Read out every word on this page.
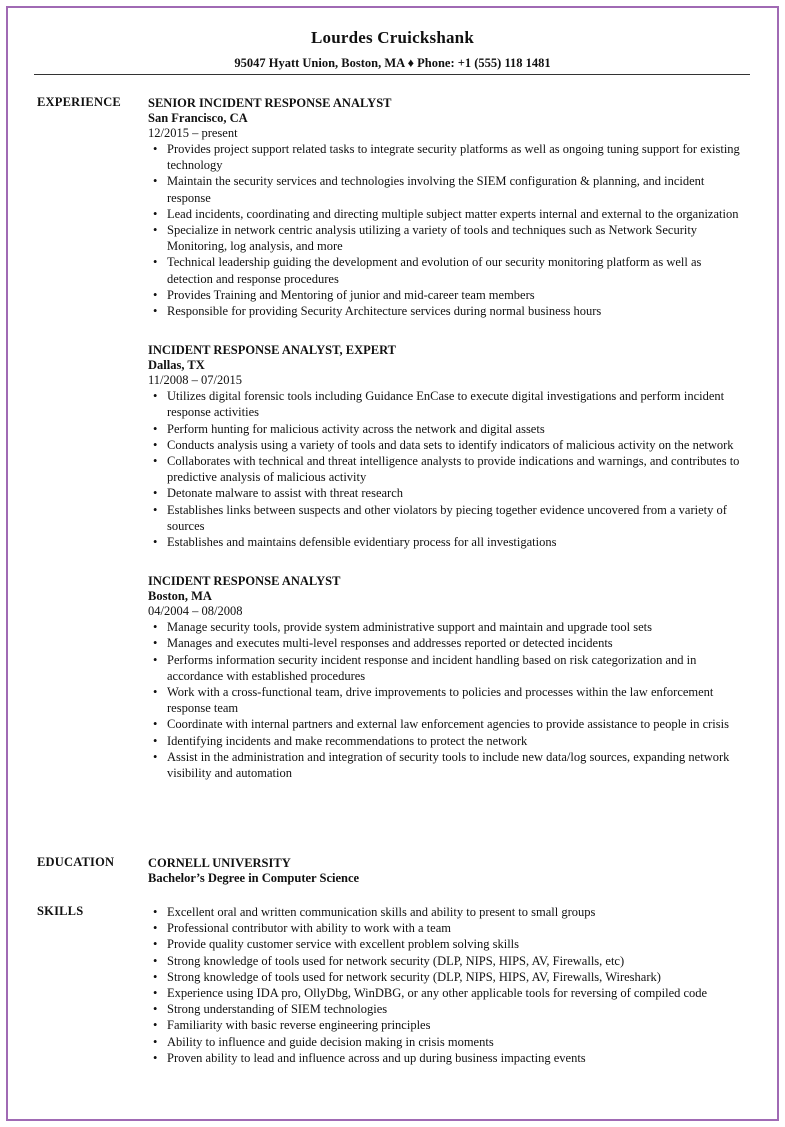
Lourdes Cruickshank
95047 Hyatt Union, Boston, MA ♦ Phone: +1 (555) 118 1481
EXPERIENCE SENIOR INCIDENT RESPONSE ANALYST
San Francisco, CA
12/2015 – present
• Provides project support related tasks to integrate security platforms as well as ongoing tuning support for existing technology
• Maintain the security services and technologies involving the SIEM configuration & planning, and incident response
• Lead incidents, coordinating and directing multiple subject matter experts internal and external to the organization
• Specialize in network centric analysis utilizing a variety of tools and techniques such as Network Security Monitoring, log analysis, and more
• Technical leadership guiding the development and evolution of our security monitoring platform as well as detection and response procedures
• Provides Training and Mentoring of junior and mid-career team members
• Responsible for providing Security Architecture services during normal business hours
INCIDENT RESPONSE ANALYST, EXPERT
Dallas, TX
11/2008 – 07/2015
• Utilizes digital forensic tools including Guidance EnCase to execute digital investigations and perform incident response activities
• Perform hunting for malicious activity across the network and digital assets
• Conducts analysis using a variety of tools and data sets to identify indicators of malicious activity on the network
• Collaborates with technical and threat intelligence analysts to provide indications and warnings, and contributes to predictive analysis of malicious activity
• Detonate malware to assist with threat research
• Establishes links between suspects and other violators by piecing together evidence uncovered from a variety of sources
• Establishes and maintains defensible evidentiary process for all investigations
INCIDENT RESPONSE ANALYST
Boston, MA
04/2004 – 08/2008
• Manage security tools, provide system administrative support and maintain and upgrade tool sets
• Manages and executes multi-level responses and addresses reported or detected incidents
• Performs information security incident response and incident handling based on risk categorization and in accordance with established procedures
• Work with a cross-functional team, drive improvements to policies and processes within the law enforcement response team
• Coordinate with internal partners and external law enforcement agencies to provide assistance to people in crisis
• Identifying incidents and make recommendations to protect the network
• Assist in the administration and integration of security tools to include new data/log sources, expanding network visibility and automation
EDUCATION	CORNELL UNIVERSITY
Bachelor’s Degree in Computer Science
SKILLS
•	Excellent oral and written communication skills and ability to present to small groups
• Professional contributor with ability to work with a team
• Provide quality customer service with excellent problem solving skills
• Strong knowledge of tools used for network security (DLP, NIPS, HIPS, AV, Firewalls, etc)
• Strong knowledge of tools used for network security (DLP, NIPS, HIPS, AV, Firewalls, Wireshark)
• Experience using IDA pro, OllyDbg, WinDBG, or any other applicable tools for reversing of compiled code
• Strong understanding of SIEM technologies
• Familiarity with basic reverse engineering principles
• Ability to influence and guide decision making in crisis moments
• Proven ability to lead and influence across and up during business impacting events
